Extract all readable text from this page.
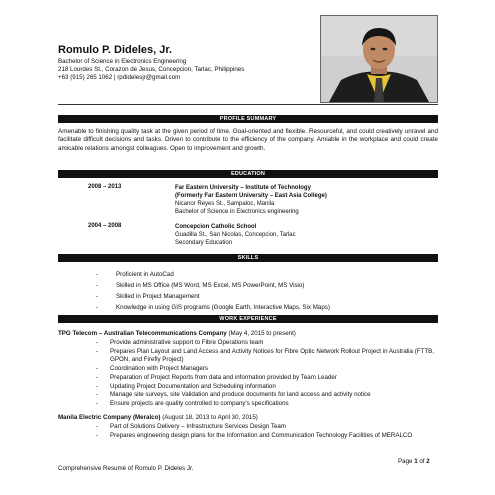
Romulo P. Dideles, Jr.
Bachelor of Science in Electronics Engineering
218 Lourdes St., Corazon de Jesus, Concepcion, Tarlac, Philippines
+63 (915) 265 1062 | rpdidelesjr@gmail.com
PROFILE SUMMARY
Amenable to finishing quality task at the given period of time. Goal-oriented and flexible. Resourceful, and could creatively unravel and facilitate difficult decisions and tasks. Driven to contribute to the efficiency of the company. Amiable in the workplace and could create amicable relations amongst colleagues. Open to improvement and growth.
EDUCATION
2008 – 2013	Far Eastern University – Institute of Technology
(Formerly Far Eastern University – East Asia College)
Nicanor Reyes St., Sampaloc, Manila
Bachelor of Science in Electronics engineering
2004 – 2008	Concepcion Catholic School
Guadilla St., San Nicolas, Concepcion, Tarlac
Secondary Education
SKILLS
-	Proficient in AutoCad
-	Skilled in MS Office (MS Word, MS Excel, MS PowerPoint, MS Visio)
-	Skilled in Project Management
-	Knowledge in using GIS programs (Google Earth, Interactive Maps, Six Maps)
WORK EXPERIENCE
TPG Telecom – Australian Telecommunications Company (May 4, 2015 to present)
- Provide administrative support to Fibre Operations team
- Prepares Plan Layout and Land Access and Activity Notices for Fibre Optic Network Rollout Project in Australia (FTTB, GPON, and Firefly Project)
- Coordination with Project Managers
- Preparation of Project Reports from data and information provided by Team Leader
- Updating Project Documentation and Scheduling information
- Manage site surveys, site Validation and produce documents for land access and activity notice
- Ensure projects are quality controlled to company's specifications
Manila Electric Company (Meralco) (August 18, 2013 to April 30, 2015)
- Part of Solutions Delivery – Infrastructure Services Design Team
- Prepares engineering design plans for the Information and Communication Technology Facilities of MERALCO
Page 1 of 2
Comprehensive Resumé of Romulo P. Dideles Jr.
